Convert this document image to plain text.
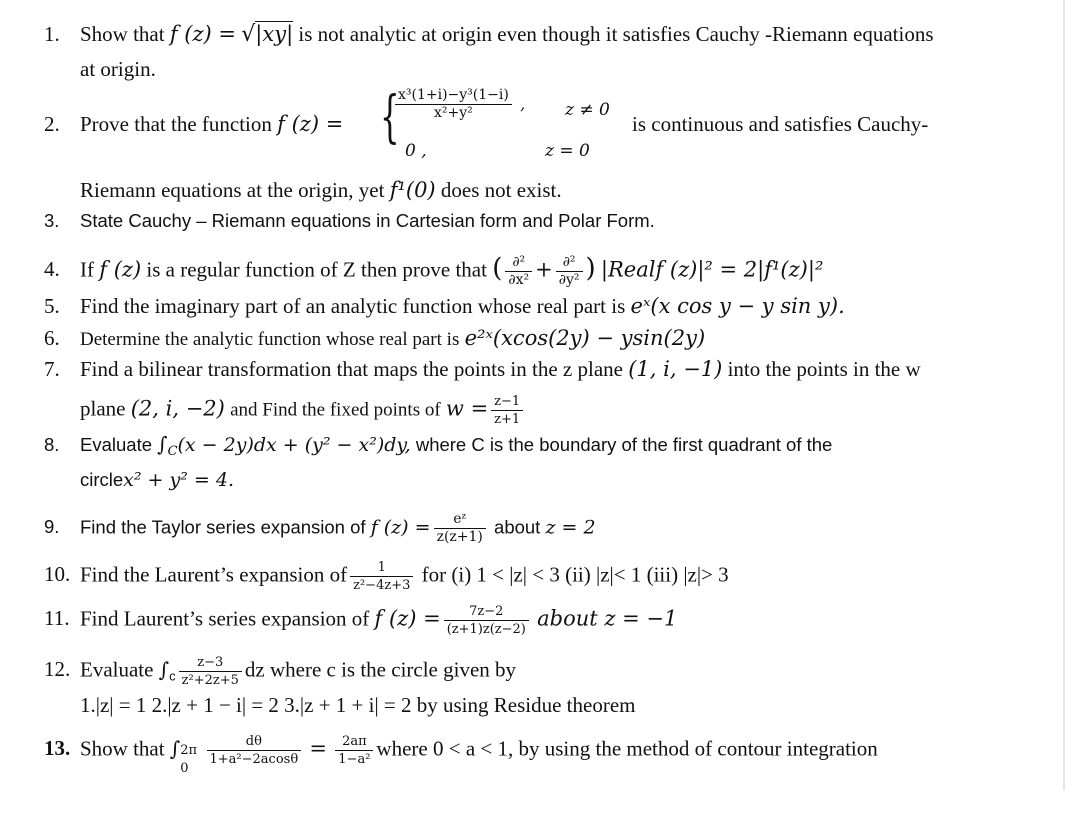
1. Show that f (z) = √|xy| is not analytic at origin even though it satisfies Cauchy -Riemann equations
at origin.
2. Prove that the function f (z) = {
$\frac{\text{x³(1+i)−y³(1−i)}}{\text{x²+y²}}$ , z ≠ 0
0 ,	z = 0
is continuous and satisfies Cauchy-
Riemann equations at the origin, yet f¹(0) does not exist.
3. State Cauchy – Riemann equations in Cartesian form and Polar Form.
4. If f (z) is a regular function of Z then prove that ( $\frac{\text{∂²}}{\text{∂x²}} + \frac{\text{∂²}}{\text{∂y²}}$ ) |Realf (z)|² = 2|f¹(z)|²
5. Find the imaginary part of an analytic function whose real part is eˣ(x cos y − y sin y).
6. Determine the analytic function whose real part is e²ˣ(xcos(2y) − ysin(2y)
7. Find a bilinear transformation that maps the points in the z plane (1, i, −1) into the points in the w
plane (2, i, −2) and Find the fixed points of $w = \frac{z-1}{z+1}$
8. Evaluate $\int_C(x - 2y)dx + (y^2 - x^2)dy$, where C is the boundary of the first quadrant of the
circlex² + y² = 4.
9. Find the Taylor series expansion of f $(z) = \frac{\text{eᶻ}}{z(z+1)}$ about z = 2
10. Find the Laurent’s expansion of $\frac{1}{\text{z²−4z+3}}$ for (i) 1 < |z| < 3 (ii) |z|< 1 (iii) |z|> 3
11. Find Laurent’s series expansion of f $(z) = \frac{7z-2}{(z+1)z(z-2)}$ about z = −1
12. Evaluate $\int_c \frac{z-3}{\text{z²+2z+5}}$ dz where c is the circle given by
1.|z| = 1 2.|z + 1 − i| = 2 3.|z + 1 + i| = 2 by using Residue theorem
13. Show that ∫ 2π
0

$\frac{d\theta}{\text{1+a²−2acosθ}} = \frac{2a\pi}{\text{1−a²}}$ where 0 < a < 1, by using the method of contour integration
